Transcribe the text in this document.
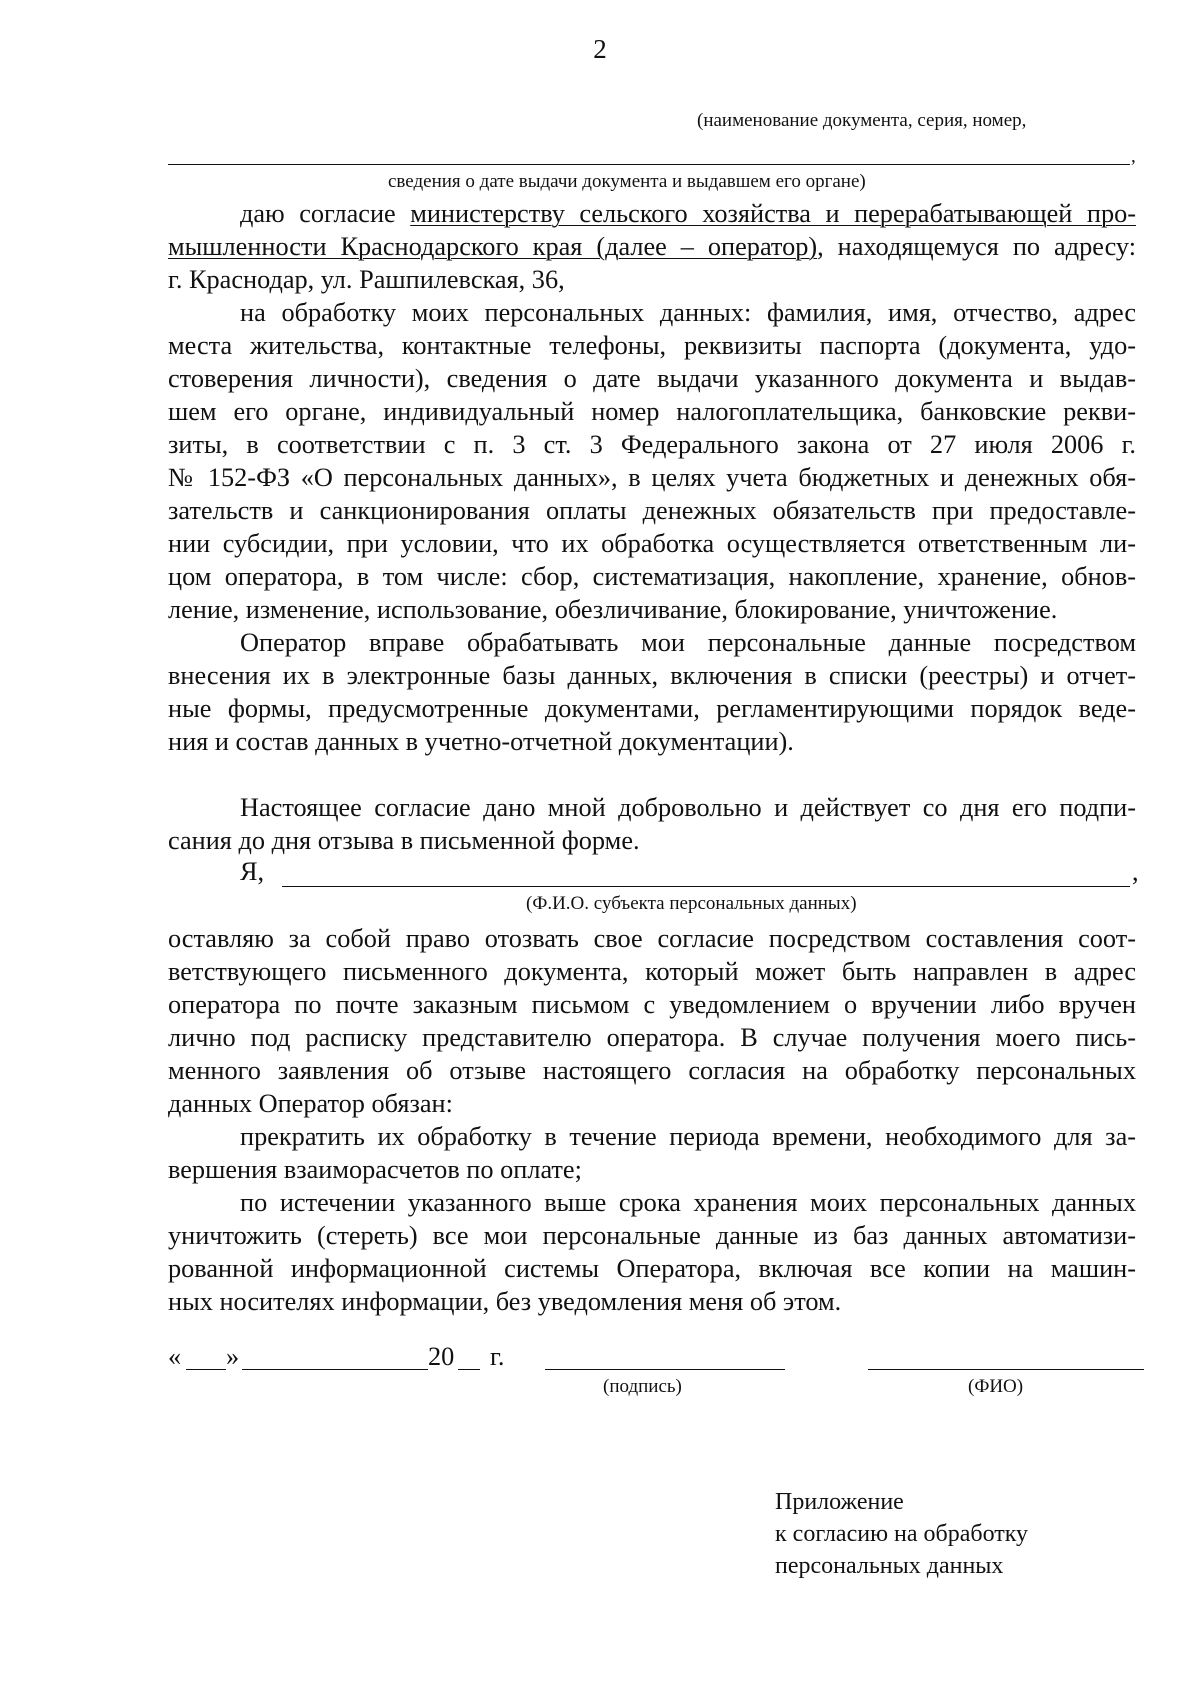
2
(наименование документа, серия, номер,
,
сведения о дате выдачи документа и выдавшем его органе)
даю согласие министерству сельского хозяйства и перерабатывающей про-
мышленности Краснодарского края (далее – оператор), находящемуся по адресу:
г. Краснодар, ул. Рашпилевская, 36,
на обработку моих персональных данных: фамилия, имя, отчество, адрес
места жительства, контактные телефоны, реквизиты паспорта (документа, удо-
стоверения личности), сведения о дате выдачи указанного документа и выдав-
шем его органе, индивидуальный номер налогоплательщика, банковские рекви-
зиты, в соответствии с п. 3 ст. 3 Федерального закона от 27 июля 2006 г.
№ 152-ФЗ «О персональных данных», в целях учета бюджетных и денежных обя-
зательств и санкционирования оплаты денежных обязательств при предоставле-
нии субсидии, при условии, что их обработка осуществляется ответственным ли-
цом оператора, в том числе: сбор, систематизация, накопление, хранение, обнов-
ление, изменение, использование, обезличивание, блокирование, уничтожение.
Оператор вправе обрабатывать мои персональные данные посредством
внесения их в электронные базы данных, включения в списки (реестры) и отчет-
ные формы, предусмотренные документами, регламентирующими порядок веде-
ния и состав данных в учетно-отчетной документации).
Настоящее согласие дано мной добровольно и действует со дня его подпи-
сания до дня отзыва в письменной форме.
Я,	,
(Ф.И.О. субъекта персональных данных)
оставляю за собой право отозвать свое согласие посредством составления соот-
ветствующего письменного документа, который может быть направлен в адрес
оператора по почте заказным письмом с уведомлением о вручении либо вручен
лично под расписку представителю оператора. В случае получения моего пись-
менного заявления об отзыве настоящего согласия на обработку персональных
данных Оператор обязан:
прекратить их обработку в течение периода времени, необходимого для за-
вершения взаиморасчетов по оплате;
по истечении указанного выше срока хранения моих персональных данных
уничтожить (стереть) все мои персональные данные из баз данных автоматизи-
рованной информационной системы Оператора, включая все копии на машин-
ных носителях информации, без уведомления меня об этом.
« »	20 г.
(подпись)	(ФИО)
Приложение
к согласию на обработку
персональных данных
